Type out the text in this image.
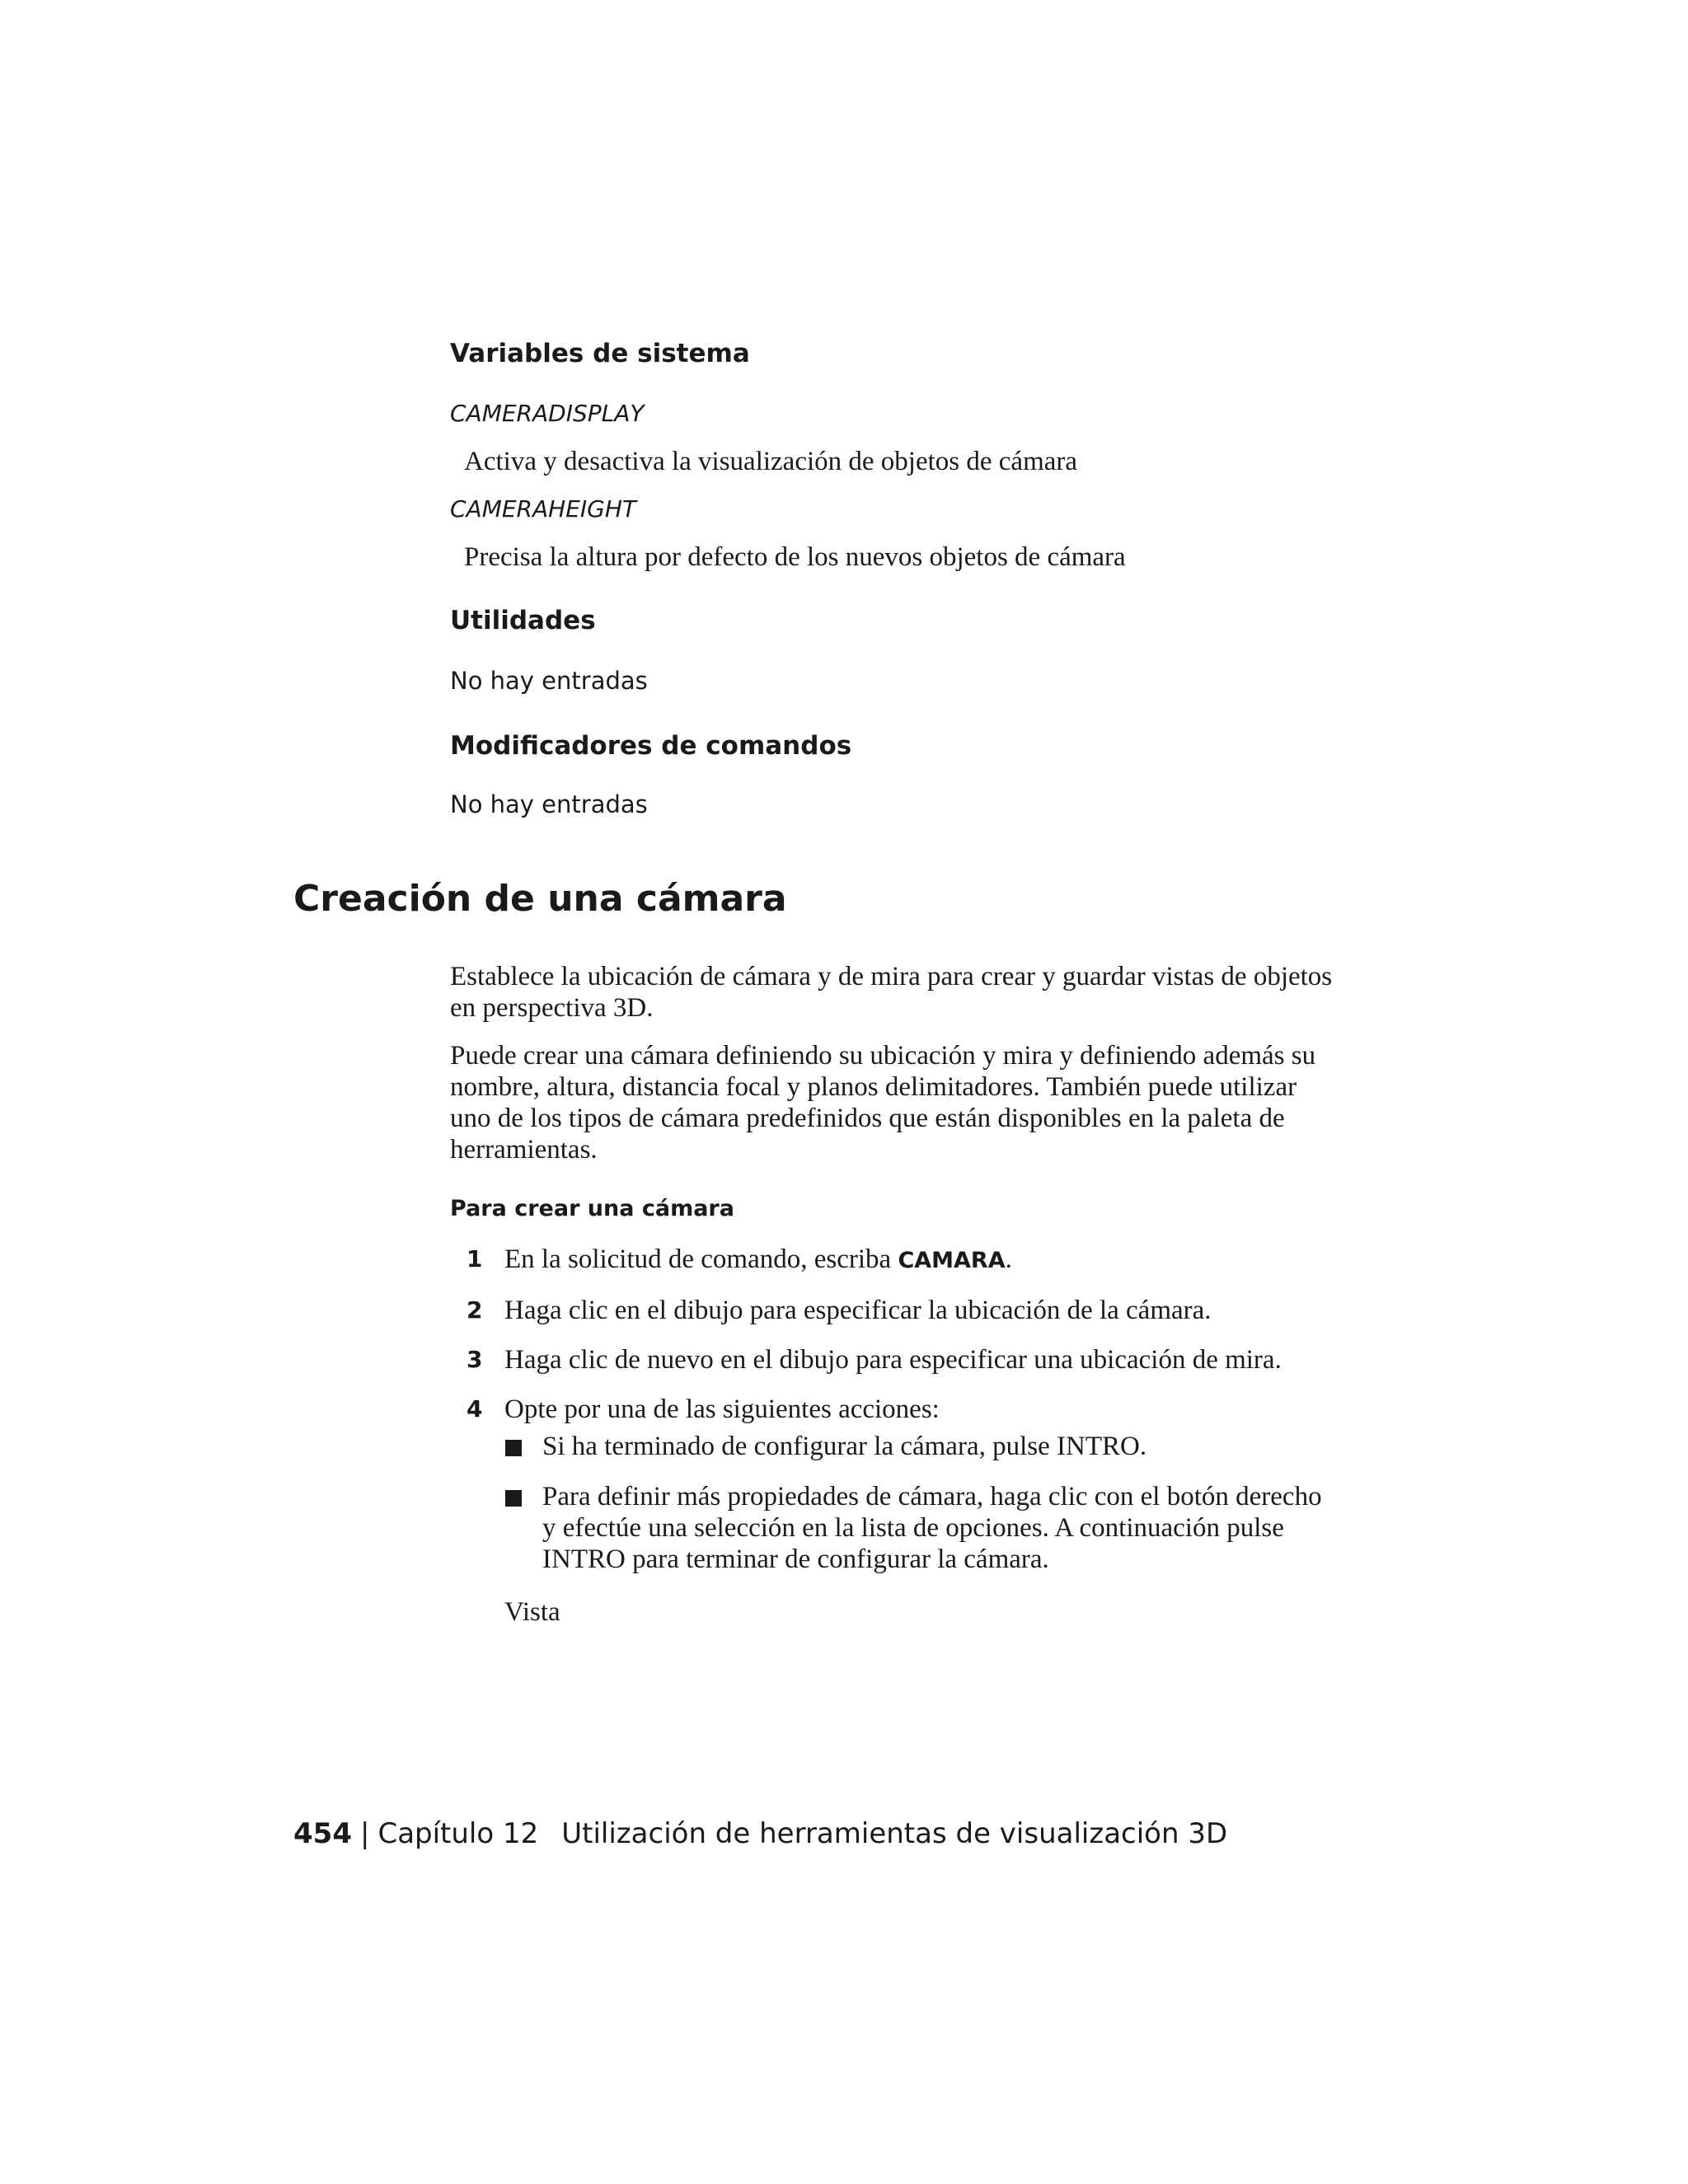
Variables de sistema

CAMERADISPLAY

Activa y desactiva la visualización de objetos de cámara

CAMERAHEIGHT

Precisa la altura por defecto de los nuevos objetos de cámara

Utilidades

No hay entradas

Modificadores de comandos

No hay entradas

Creación de una cámara

Establece la ubicación de cámara y de mira para crear y guardar vistas de objetos en perspectiva 3D.

Puede crear una cámara definiendo su ubicación y mira y definiendo además su nombre, altura, distancia focal y planos delimitadores. También puede utilizar uno de los tipos de cámara predefinidos que están disponibles en la paleta de herramientas.

Para crear una cámara

1 En la solicitud de comando, escriba CAMARA.

2 Haga clic en el dibujo para especificar la ubicación de la cámara.

3 Haga clic de nuevo en el dibujo para especificar una ubicación de mira.

4 Opte por una de las siguientes acciones:

Si ha terminado de configurar la cámara, pulse INTRO.

Para definir más propiedades de cámara, haga clic con el botón derecho y efectúe una selección en la lista de opciones. A continuación pulse INTRO para terminar de configurar la cámara.

Vista

454 | Capítulo 12 Utilización de herramientas de visualización 3D
